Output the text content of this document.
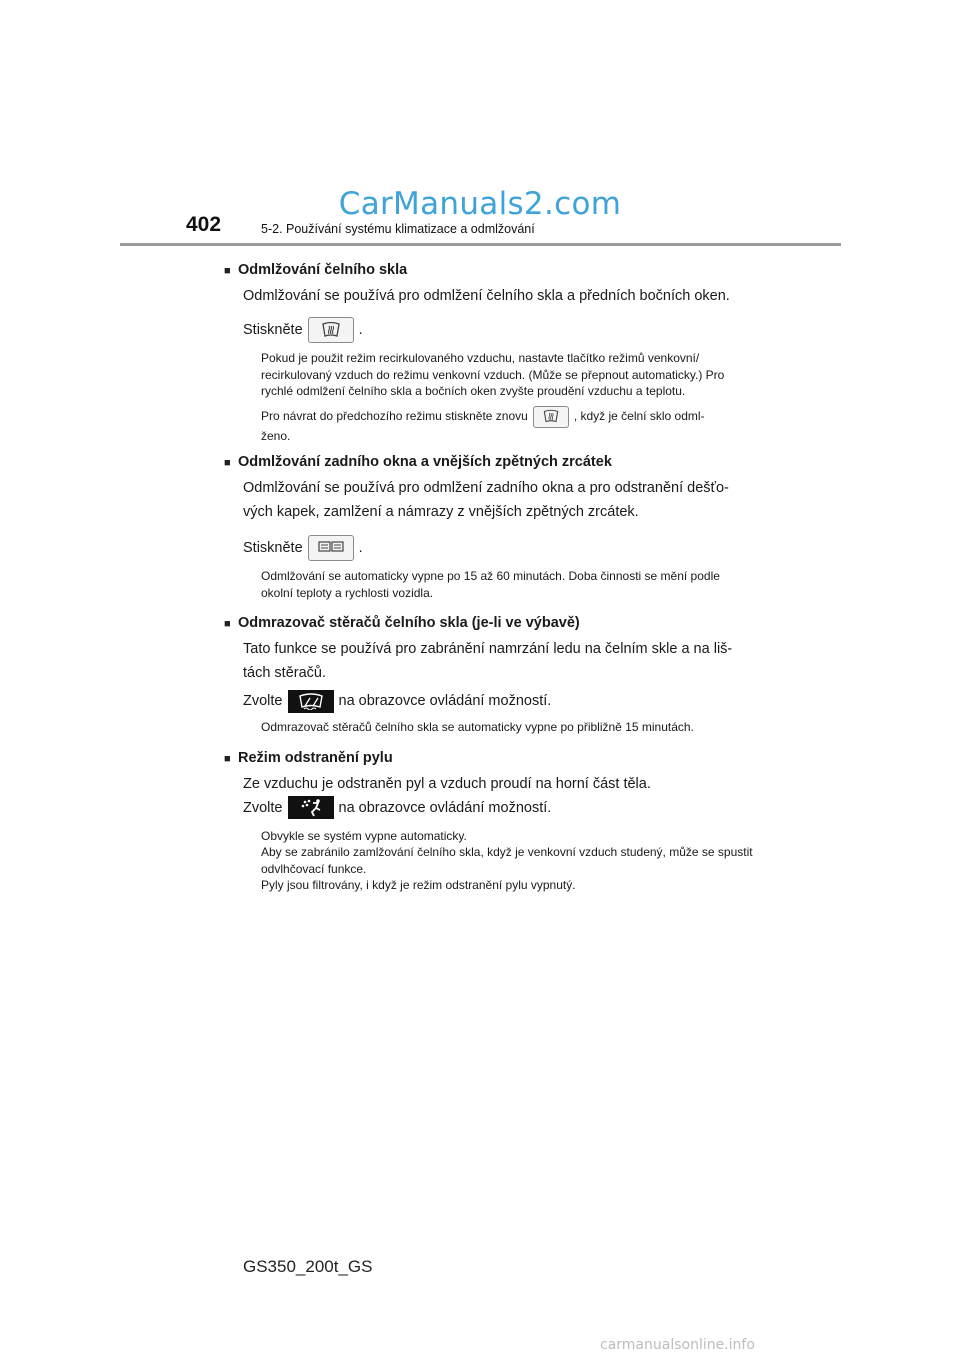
CarManuals2.com
402	5-2. Používání systému klimatizace a odmlžování
■ Odmlžování čelního skla
Odmlžování se používá pro odmlžení čelního skla a předních bočních oken.
Stiskněte	.
Pokud je použit režim recirkulovaného vzduchu, nastavte tlačítko režimů venkovní/ recirkulovaný vzduch do režimu venkovní vzduch. (Může se přepnout automaticky.) Pro rychlé odmlžení čelního skla a bočních oken zvyšte proudění vzduchu a teplotu.
Pro návrat do předchozího režimu stiskněte znovu	, když je čelní sklo odml-
ženo.
■ Odmlžování zadního okna a vnějších zpětných zrcátek
Odmlžování se používá pro odmlžení zadního okna a pro odstranění dešťo- vých kapek, zamlžení a námrazy z vnějších zpětných zrcátek.
Stiskněte	.
Odmlžování se automaticky vypne po 15 až 60 minutách. Doba činnosti se mění podle okolní teploty a rychlosti vozidla.
■ Odmrazovač stěračů čelního skla (je-li ve výbavě)
Tato funkce se používá pro zabránění namrzání ledu na čelním skle a na liš- tách stěračů.
Zvolte	na obrazovce ovládání možností.
Odmrazovač stěračů čelního skla se automaticky vypne po přibližně 15 minutách.
■ Režim odstranění pylu
Ze vzduchu je odstraněn pyl a vzduch proudí na horní část těla.
Zvolte	na obrazovce ovládání možností.
Obvykle se systém vypne automaticky.
Aby se zabránilo zamlžování čelního skla, když je venkovní vzduch studený, může se spustit odvlhčovací funkce.
Pyly jsou filtrovány, i když je režim odstranění pylu vypnutý.
GS350_200t_GS
carmanualsonline.info
